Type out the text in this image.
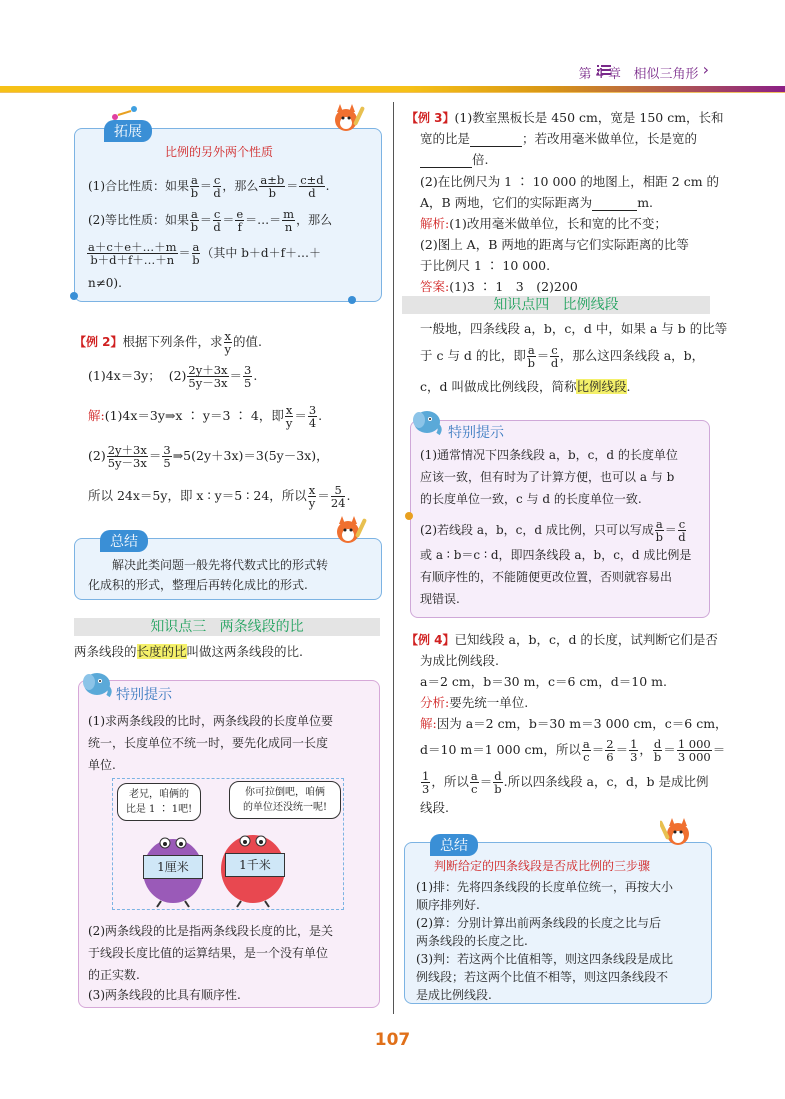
第 4 章 相似三角形 ›
拓展
比例的另外两个性质
(1)合比性质：如果 $\frac{a}{b} = \frac{c}{d}$ ，那么 $\frac{a\pm b}{b} = \frac{c\pm d}{d}$ .
(2)等比性质：如果 $\frac{a}{b} = \frac{c}{d} = \frac{e}{f}$ ＝…＝ $\frac{m}{n}$ ，那么
$\frac{a+c+e+\dots+m}{b+d+f+\dots+n} = \frac{a}{b}$ （其中 b＋d＋f＋…＋
n≠0).
【例 2】根据下列条件，求 $\frac{x}{y}$ 的值.
(1)4x＝3y； $(2) \frac{2y+3x}{5y-3x} = \frac{3}{5}$ .
解:(1)4x＝3y⇒x ∶ y＝3 ∶ 4，即 $\frac{x}{y} = \frac{3}{4}$ .
$(2) \frac{2y+3x}{5y-3x} = \frac{3}{5}$ ⇒5(2y＋3x)＝3(5y－3x)，
所以 24x＝5y，即 x ∶ y＝5 ∶ 24，所以 $\frac{x}{y} = \frac{5}{24}$ .
总结
解决此类问题一般先将代数式比的形式转
化成积的形式，整理后再转化成比的形式.
知识点三 两条线段的比
两条线段的长度的比叫做这两条线段的比.
特别提示
(1)求两条线段的比时，两条线段的长度单位要
统一，长度单位不统一时，要先化成同一长度
单位.
老兄，咱俩的
比是 1 ∶ 1吧!
你可拉倒吧，咱俩
的单位还没统一呢!
1厘米	1千米
(2)两条线段的比是指两条线段长度的比，是关
于线段长度比值的运算结果，是一个没有单位
的正实数.
(3)两条线段的比具有顺序性.
【例 3】(1)教室黑板长是 450 cm，宽是 150 cm，长和
宽的比是	；若改用毫米做单位，长是宽的
倍.
(2)在比例尺为 1 ∶ 10 000 的地图上，相距 2 cm 的
A，B 两地，它们的实际距离为	m.
解析:(1)改用毫米做单位，长和宽的比不变；
(2)图上 A，B 两地的距离与它们实际距离的比等
于比例尺 1 ∶ 10 000.
答案:(1)3 ∶ 1　3　(2)200
知识点四 比例线段
一般地，四条线段 a，b，c，d 中，如果 a 与 b 的比等
于 c 与 d 的比，即 $\frac{a}{b} = \frac{c}{d}$ ，那么这四条线段 a，b，
c，d 叫做成比例线段，简称比例线段.
特别提示
(1)通常情况下四条线段 a，b，c，d 的长度单位
应该一致，但有时为了计算方便，也可以 a 与 b
的长度单位一致，c 与 d 的长度单位一致.
(2)若线段 a，b，c，d 成比例，只可以写成 $\frac{a}{b} = \frac{c}{d}$
或 a ∶ b＝c ∶ d，即四条线段 a，b，c，d 成比例是
有顺序性的，不能随便更改位置，否则就容易出
现错误.
【例 4】已知线段 a，b，c，d 的长度，试判断它们是否
为成比例线段.
a＝2 cm，b＝30 m，c＝6 cm，d＝10 m.
分析:要先统一单位.
解:因为 a＝2 cm，b＝30 m＝3 000 cm，c＝6 cm，
d＝10 m＝1 000 cm，所以 $\frac{a}{c} = \frac{2}{6} = \frac{1}{3}$ ， $\frac{d}{b} = \frac{1 000}{3 000}$ ＝
$\frac{1}{3}$ ，所以 $\frac{a}{c} = \frac{d}{b}$ .所以四条线段 a，c，d，b 是成比例
线段.
总结
判断给定的四条线段是否成比例的三步骤
(1)排：先将四条线段的长度单位统一，再按大小
顺序排列好.
(2)算：分别计算出前两条线段的长度之比与后
两条线段的长度之比.
(3)判：若这两个比值相等，则这四条线段是成比
例线段；若这两个比值不相等，则这四条线段不
是成比例线段.
107
